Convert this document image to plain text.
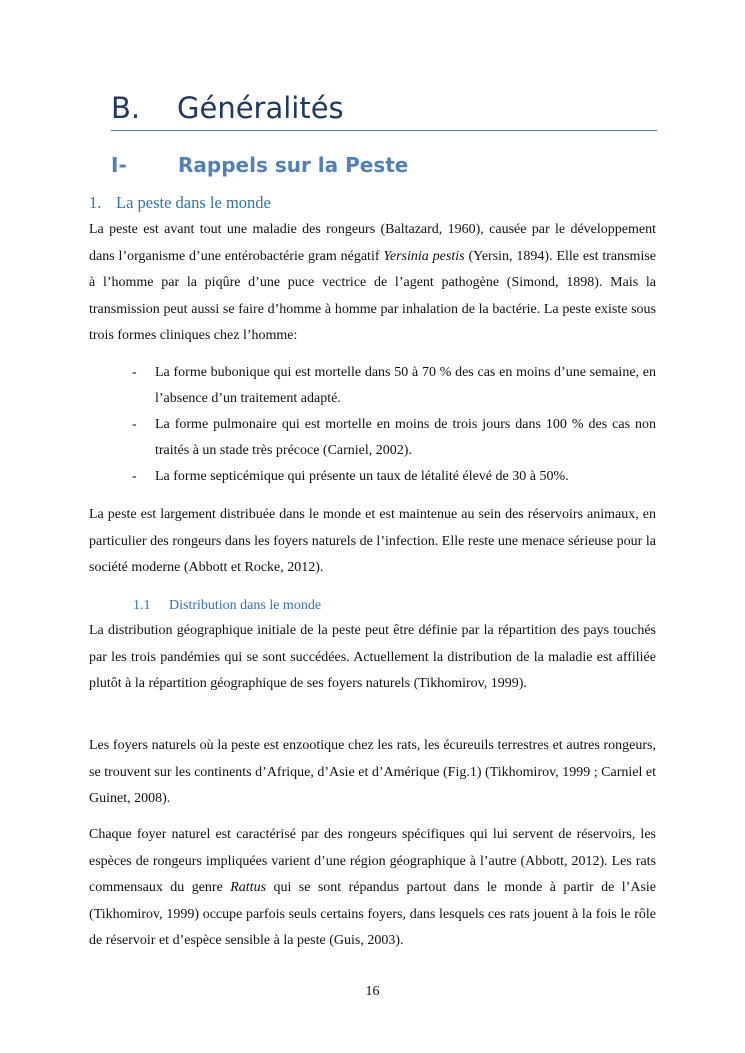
B. Généralités
I-	Rappels sur la Peste
1. La peste dans le monde

La peste est avant tout une maladie des rongeurs (Baltazard, 1960), causée par le développement dans l’organisme d’une entérobactérie gram négatif Yersinia pestis (Yersin, 1894). Elle est transmise à l’homme par la piqûre d’une puce vectrice de l’agent pathogène (Simond, 1898). Mais la transmission peut aussi se faire d’homme à homme par inhalation de la bactérie. La peste existe sous trois formes cliniques chez l’homme:

- La forme bubonique qui est mortelle dans 50 à 70 % des cas en moins d’une semaine, en l’absence d’un traitement adapté.
- La forme pulmonaire qui est mortelle en moins de trois jours dans 100 % des cas non traités à un stade très précoce (Carniel, 2002).
- La forme septicémique qui présente un taux de létalité élevé de 30 à 50%.

La peste est largement distribuée dans le monde et est maintenue au sein des réservoirs animaux, en particulier des rongeurs dans les foyers naturels de l’infection. Elle reste une menace sérieuse pour la société moderne (Abbott et Rocke, 2012).

1.1 Distribution dans le monde

La distribution géographique initiale de la peste peut être définie par la répartition des pays touchés par les trois pandémies qui se sont succédées. Actuellement la distribution de la maladie est affiliée plutôt à la répartition géographique de ses foyers naturels (Tikhomirov, 1999).

Les foyers naturels où la peste est enzootique chez les rats, les écureuils terrestres et autres rongeurs, se trouvent sur les continents d’Afrique, d’Asie et d’Amérique (Fig.1) (Tikhomirov, 1999 ; Carniel et Guinet, 2008).

Chaque foyer naturel est caractérisé par des rongeurs spécifiques qui lui servent de réservoirs, les espèces de rongeurs impliquées varient d’une région géographique à l’autre (Abbott, 2012). Les rats commensaux du genre Rattus qui se sont répandus partout dans le monde à partir de l’Asie (Tikhomirov, 1999) occupe parfois seuls certains foyers, dans lesquels ces rats jouent à la fois le rôle de réservoir et d’espèce sensible à la peste (Guis, 2003).

16
